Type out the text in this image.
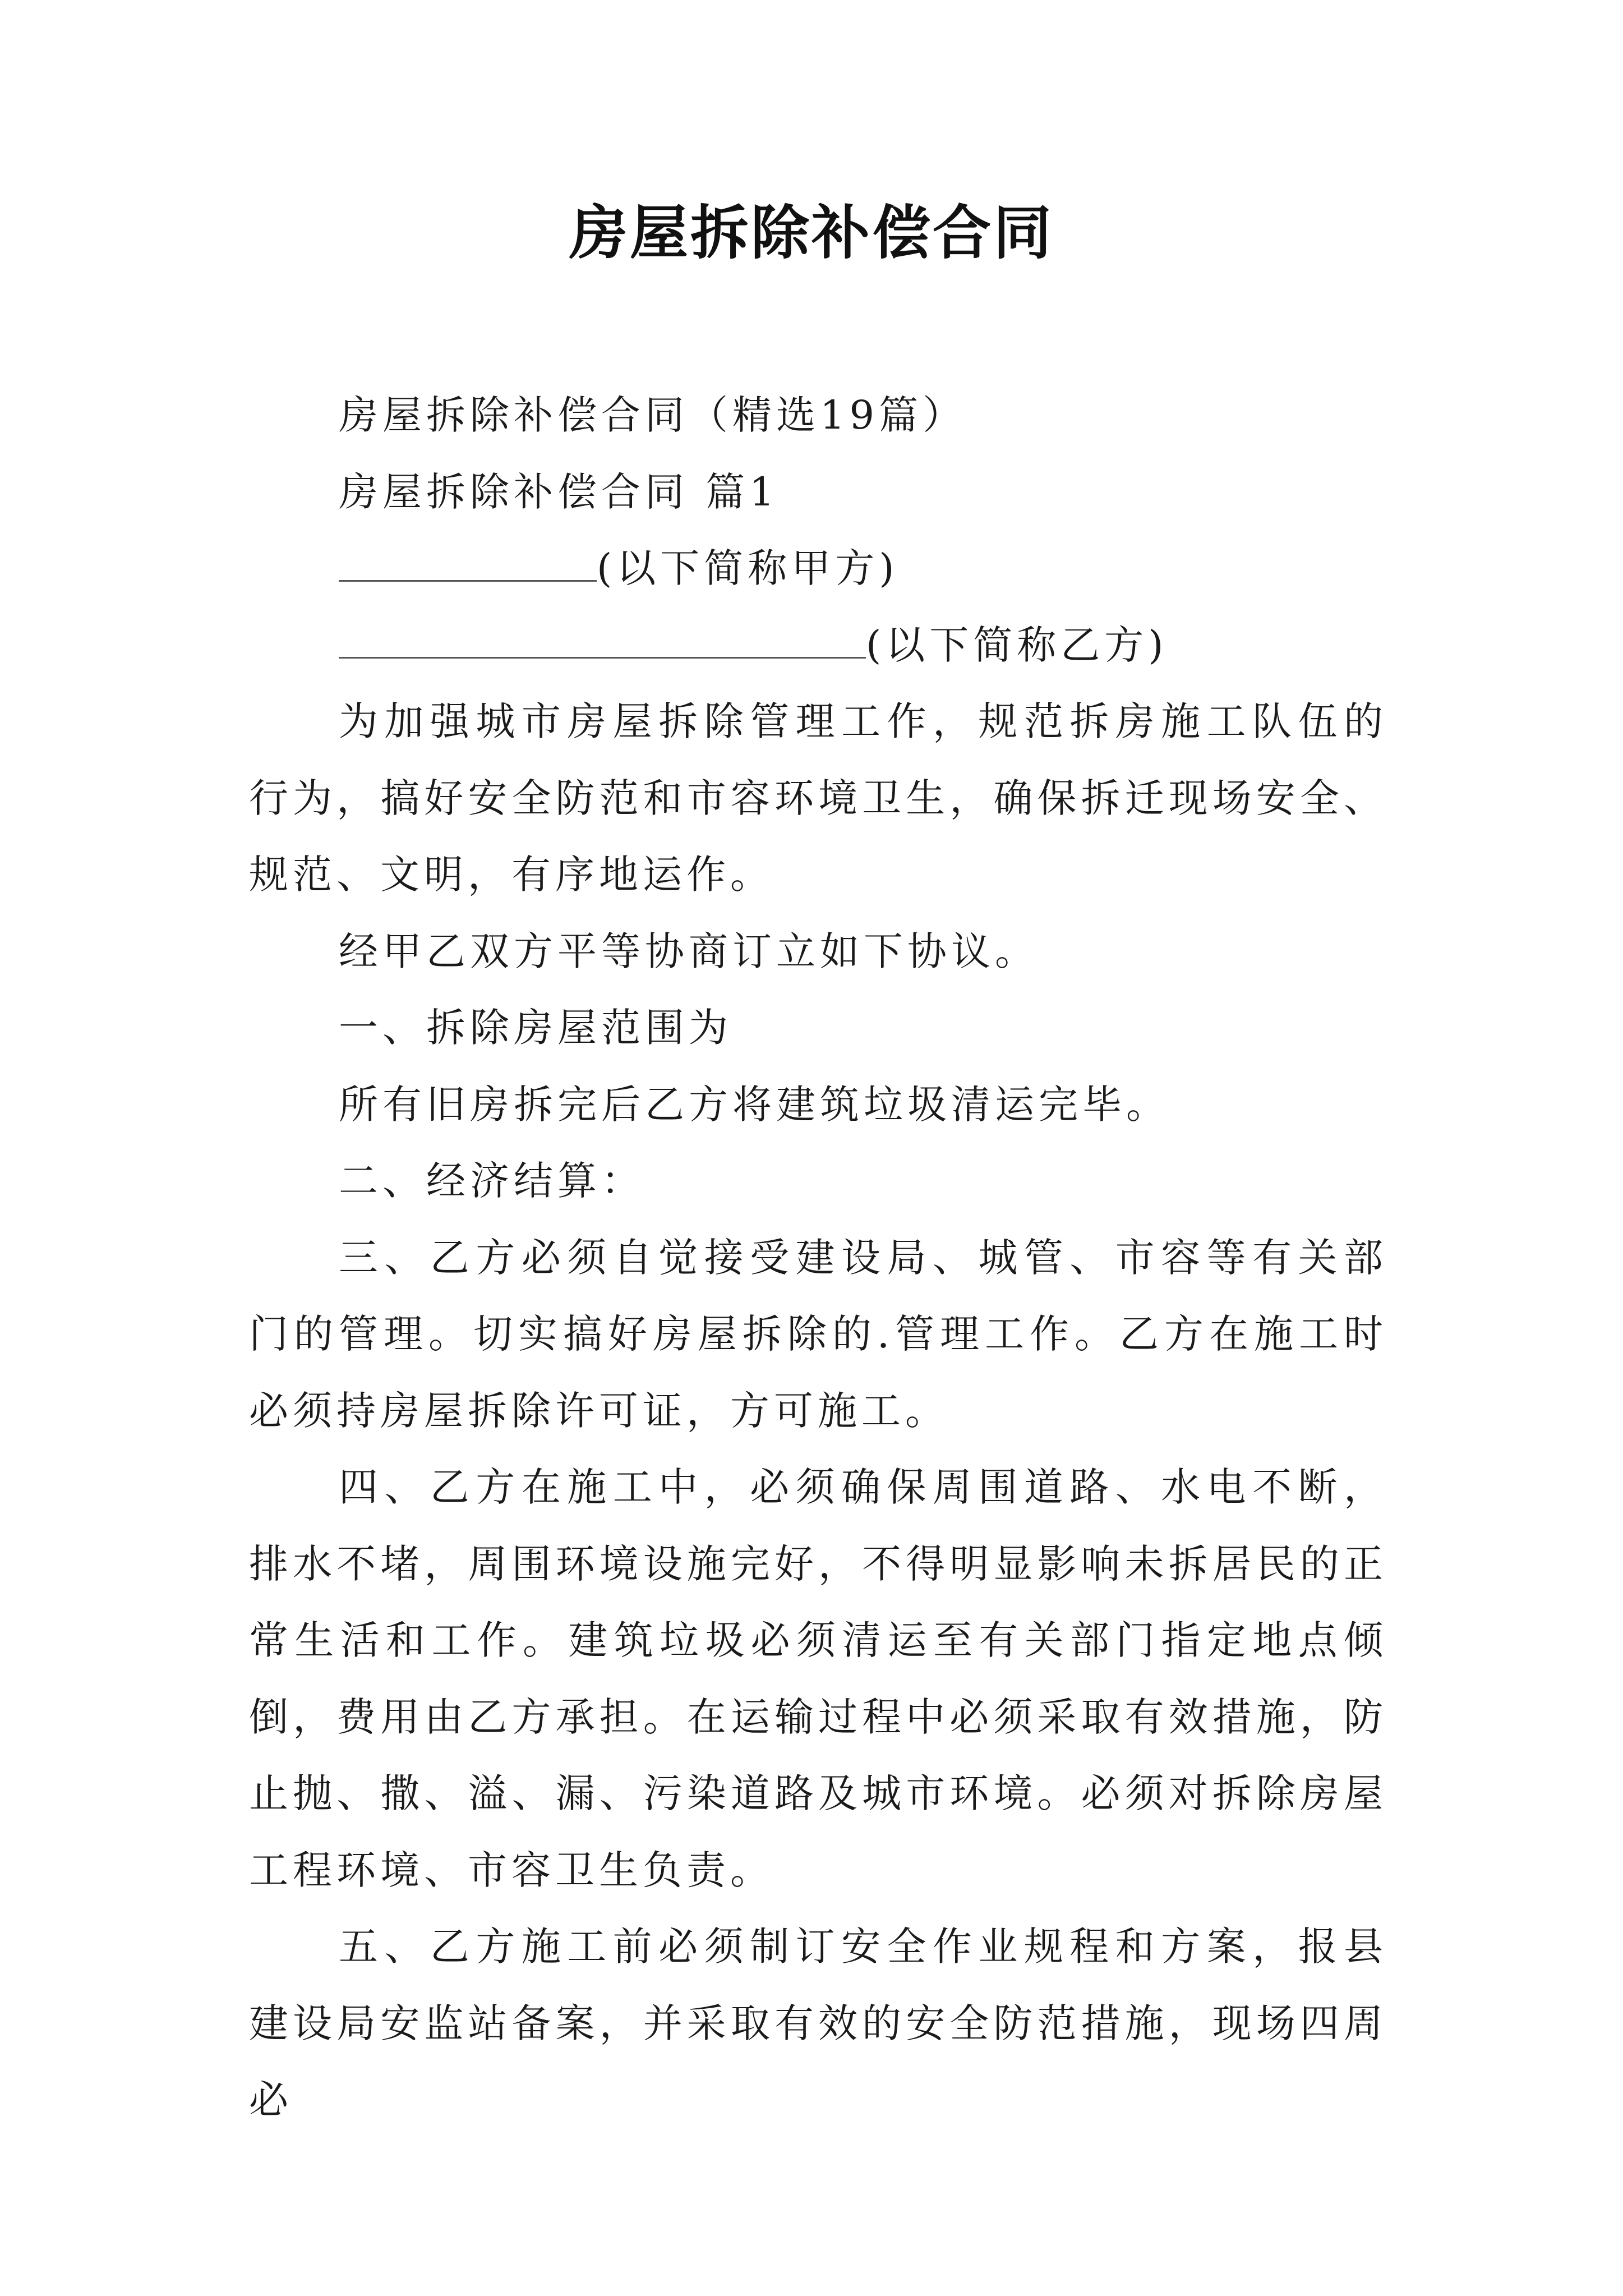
房屋拆除补偿合同

房屋拆除补偿合同（精选19篇）

房屋拆除补偿合同 篇1

(以下简称甲方)

(以下简称乙方)

为加强城市房屋拆除管理工作，规范拆房施工队伍的行为，搞好安全防范和市容环境卫生，确保拆迁现场安全、规范、文明，有序地运作。

经甲乙双方平等协商订立如下协议。

一、拆除房屋范围为

所有旧房拆完后乙方将建筑垃圾清运完毕。

二、经济结算：

三、乙方必须自觉接受建设局、城管、市容等有关部门的管理。切实搞好房屋拆除的.管理工作。乙方在施工时必须持房屋拆除许可证，方可施工。

四、乙方在施工中，必须确保周围道路、水电不断，排水不堵，周围环境设施完好，不得明显影响未拆居民的正常生活和工作。建筑垃圾必须清运至有关部门指定地点倾倒，费用由乙方承担。在运输过程中必须采取有效措施，防止抛、撒、溢、漏、污染道路及城市环境。必须对拆除房屋工程环境、市容卫生负责。

五、乙方施工前必须制订安全作业规程和方案，报县建设局安监站备案，并采取有效的安全防范措施，现场四周必
